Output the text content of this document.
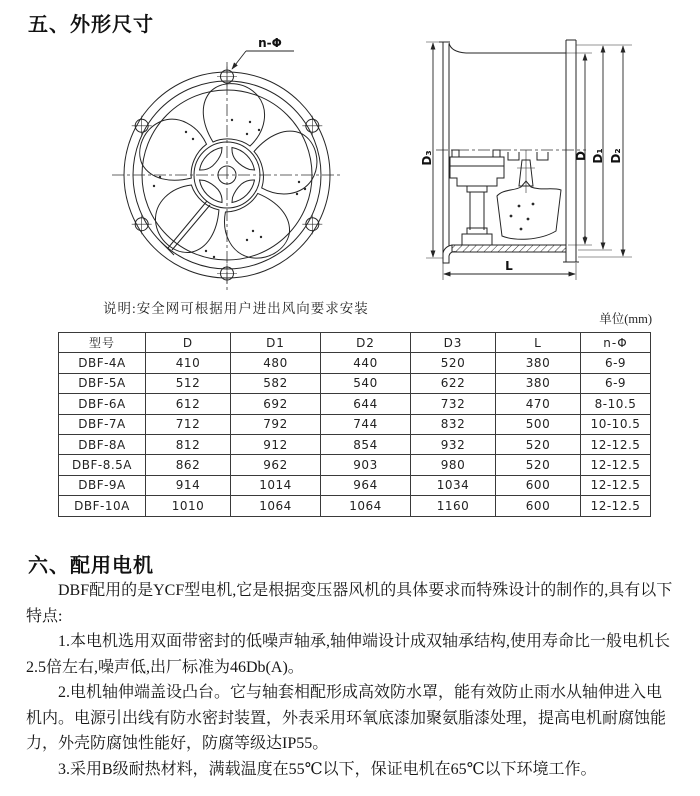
五、外形尺寸
n-Φ
D₃	D D₁ D₂
L
说明:安全网可根据用户进出风向要求安装
单位(mm)
型号	D	D1	D2	D3	L	n-Φ
DBF-4A	410	480	440	520	380	6-9
DBF-5A	512	582	540	622	380	6-9
DBF-6A	612	692	644	732	470	8-10.5
DBF-7A	712	792	744	832	500	10-10.5
DBF-8A	812	912	854	932	520	12-12.5
DBF-8.5A	862	962	903	980	520	12-12.5
DBF-9A	914	1014	964	1034	600	12-12.5
DBF-10A	1010	1064	1064	1160	600	12-12.5
六、配用电机

DBF配用的是YCF型电机,它是根据变压器风机的具体要求而特殊设计的制作的,具有以下特点:

1.本电机选用双面带密封的低噪声轴承,轴伸端设计成双轴承结构,使用寿命比一般电机长2.5倍左右,噪声低,出厂标准为46Db(A)。

2.电机轴伸端盖设凸台。它与轴套相配形成高效防水罩，能有效防止雨水从轴伸进入电机内。电源引出线有防水密封装置，外表采用环氧底漆加聚氨脂漆处理，提高电机耐腐蚀能力，外壳防腐蚀性能好，防腐等级达IP55。

3.采用B级耐热材料，满载温度在55℃以下，保证电机在65℃以下环境工作。
